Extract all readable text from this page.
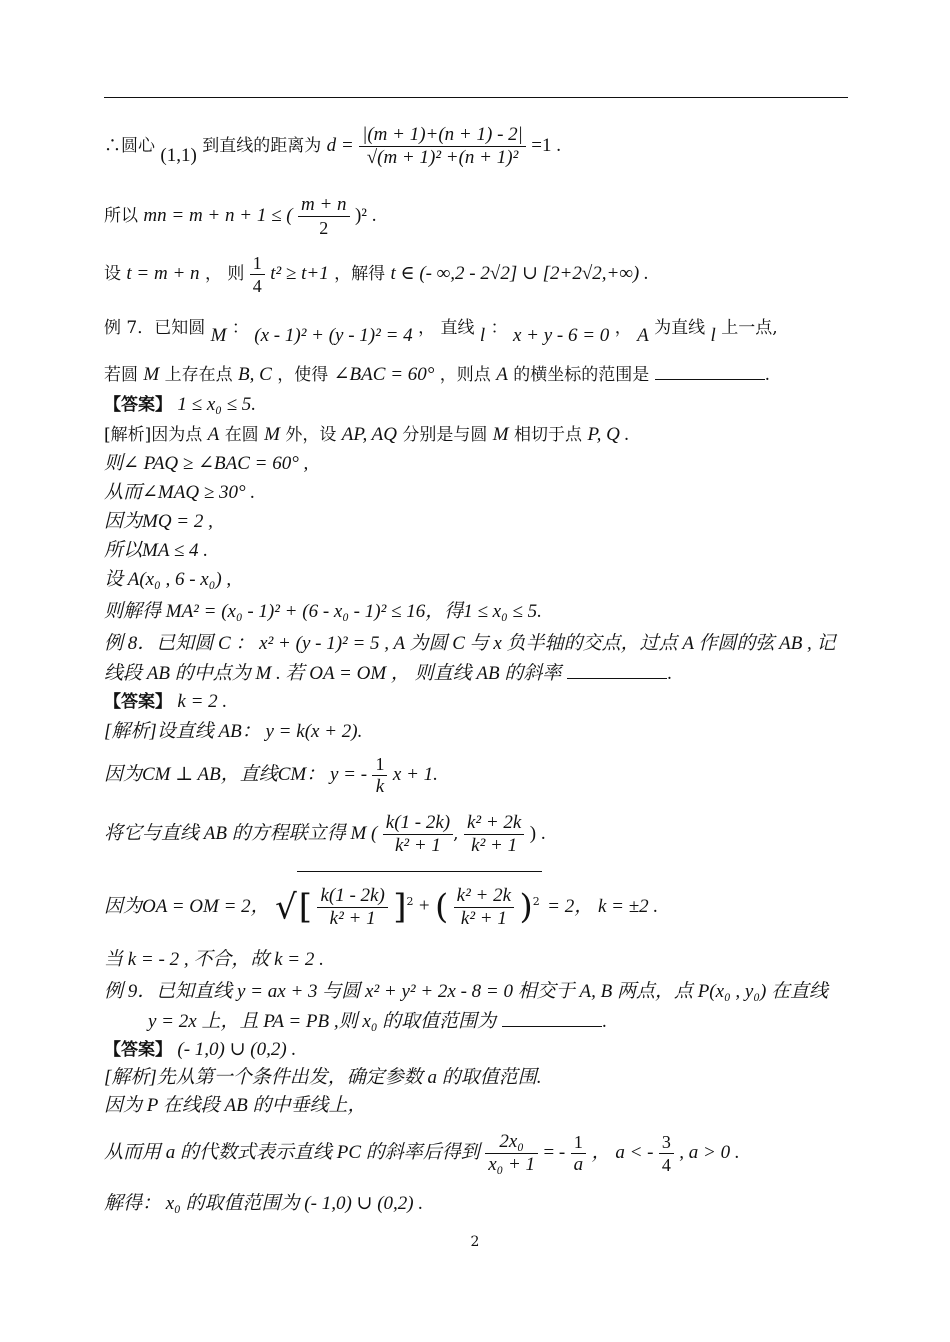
∴圆心 (1,1) 到直线的距离为 $d = \frac{|(m + 1)+(n + 1) - 2|}{\text{√(m + 1)² +(n + 1)²}} =1$ .
所以 mn = m + n + 1 ≤ ( $\frac{m + n}{2} )^2$ .
设 t = m + n ， 则 $\frac{1}{4} t^2 \ge t+1$ ，解得 t ∈ (- ∞,2 - 2√2] ∪ [2+2√2,+∞) .
例 7．已知圆 M ： (x - 1)² + (y - 1)² = 4 ， 直线 l ： x + y - 6 = 0 ， A 为直线 l 上一点,
若圆 M 上存在点 B, C ，使得 ∠BAC = 60° ，则点 A 的横坐标的范围是	.
【答案】 1 ≤ x₀ ≤ 5.
[解析]因为点 A 在圆 M 外，设 AP, AQ 分别是与圆 M 相切于点 P, Q .
则∠ PAQ ≥ ∠BAC = 60° ,
从而∠MAQ ≥ 30° .
因为MQ = 2 ,
所以MA ≤ 4 .
设 A(x₀ , 6 - x₀) ,
则解得 MA² = (x₀ - 1)² + (6 - x₀ - 1)² ≤ 16，得1 ≤ x₀ ≤ 5.
例 8．已知圆 C ： x² + (y - 1)² = 5 , A 为圆 C 与 x 负半轴的交点，过点 A 作圆的弦 AB , 记
线段 AB 的中点为 M . 若 OA = OM ， 则直线 AB 的斜率	.
【答案】 k = 2 .
[解析]设直线 AB： y = k(x + 2).
因为CM ⊥ AB，直线CM： y = - $\frac{1}{k}$ x + 1.
将它与直线 AB 的方程联立得 M ( $\frac{k(1 - 2k)}{\text{k² + 1}}$ , $\frac{\text{k² + 2k}}{\text{k² + 1}}$ ) .
因为OA = OM = 2， √[ $\frac{k(1 - 2k)}{\text{k² + 1}} ]^2$ + ( $\frac{\text{k² + 2k}}{\text{k² + 1}} )^2 = 2$， k = ±2 .
当 k = - 2 , 不合，故 k = 2 .
例 9．已知直线 y = ax + 3 与圆 x² + y² + 2x - 8 = 0 相交于 A, B 两点，点 P(x₀ , y₀) 在直线
y = 2x 上，且 PA = PB ,则 x₀ 的取值范围为	.
【答案】 (- 1,0) ∪ (0,2) .
[解析]先从第一个条件出发，确定参数 a 的取值范围.
因为 P 在线段 AB 的中垂线上，
从而用 a 的代数式表示直线 PC 的斜率后得到 $\frac{\text{2x₀}}{\text{x₀ + 1}}$ = - $\frac{1}{a}$ ， a < - $\frac{3}{4}$ , a > 0 .
解得： x₀ 的取值范围为 (- 1,0) ∪ (0,2) .
2
